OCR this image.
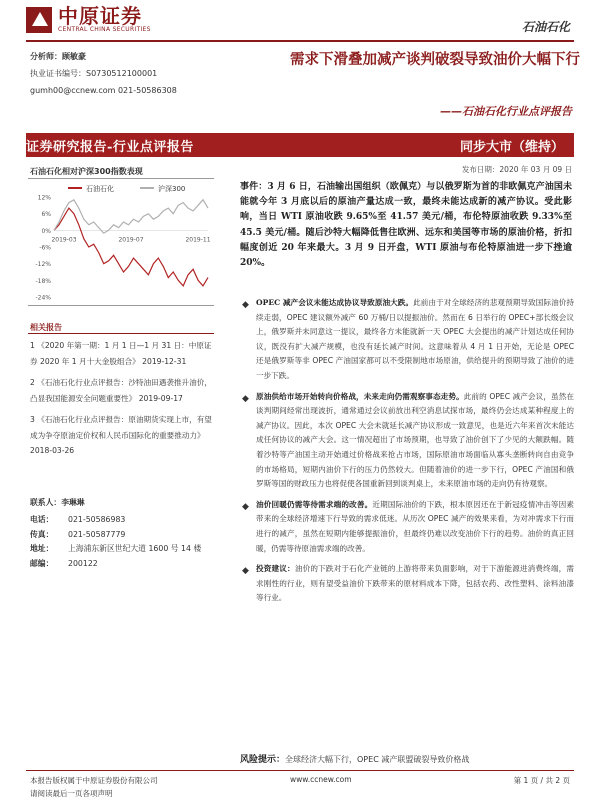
中原证券
CENTRAL CHINA SECURITIES	石油石化
分析师：顾敏豪
执业证书编号：S0730512100001
gumh00@ccnew.com 021-50586308
需求下滑叠加减产谈判破裂导致油价大幅下行
——石油石化行业点评报告
证券研究报告-行业点评报告	同步大市（维持）
发布日期：2020 年 03 月 09 日
石油石化相对沪深300指数表现
石油石化	沪深300
12%
6%
0%
-6%
-12%
-18%
-24%
2019-03	2019-07	2019-11
相关报告
1 《2020 年第一期：1 月 1 日—1 月 31 日：中原证券 2020 年 1 月十大金股组合》 2019-12-31
2 《石油石化行业点评报告：沙特油田遇袭推升油价，凸显我国能源安全问题重要性》 2019-09-17
3 《石油石化行业点评报告：原油期货实现上市，有望成为争夺原油定价权和人民币国际化的重要推动力》 2018-03-26
联系人：李琳琳
电话：	021-50586983
传真：	021-50587779
地址：	上海浦东新区世纪大道 1600 号 14 楼
邮编：	200122
事件：3 月 6 日，石油输出国组织（欧佩克）与以俄罗斯为首的非欧佩克产油国未能就今年 3 月底以后的原油产量达成一致，最终未能达成新的减产协议。受此影响，当日 WTI 原油收跌 9.65%至 41.57 美元/桶，布伦特原油收跌 9.33%至 45.5 美元/桶。随后沙特大幅降低售往欧洲、远东和美国等市场的原油价格，折扣幅度创近 20 年来最大。3 月 9 日开盘，WTI 原油与布伦特原油进一步下挫逾 20%。
◆ OPEC 减产会议未能达成协议导致原油大跌。此前由于对全球经济的悲观预期导致国际油价持续走弱，OPEC 建议额外减产 60 万桶/日以提振油价。然而在 6 日举行的 OPEC+部长级会议上，俄罗斯并未同意这一提议，最终各方未能就新一天 OPEC 大会提出的减产计划达成任何协议，既没有扩大减产规模，也没有延长减产时间。这意味着从 4 月 1 日开始，无论是 OPEC 还是俄罗斯等非 OPEC 产油国家都可以不受限制地市场原油，供给提升的预期导致了油价的进一步下跌。
◆ 原油供给市场开始转向价格战，未来走向仍需观察事态走势。此前的 OPEC 减产会议，虽然在谈判期间经常出现波折，通常通过会议前放出利空消息试探市场，最终仍会达成某种程度上的减产协议。因此，本次 OPEC 大会未就延长减产协议形成一致意见，也是近六年来首次未能达成任何协议的减产大会。这一情况超出了市场预期，也导致了油价创下了少见的大额跌幅。随着沙特等产油国主动开始通过价格战来抢占市场，国际原油市场面临从寡头垄断转向自由竞争的市场格局，短期内油价下行的压力仍然较大。但随着油价的进一步下行，OPEC 产油国和俄罗斯等国的财政压力也将促使各国重新回到谈判桌上，未来原油市场的走向仍有待观察。
◆ 油价回暖仍需等待需求端的改善。近期国际油价的下跌，根本原因还在于新冠疫情冲击等因素带来的全球经济增速下行导致的需求低迷。从历次 OPEC 减产的效果来看，为对冲需求下行而进行的减产，虽然在短期内能够提振油价，但最终仍难以改变油价下行的趋势。油价的真正回暖，仍需等待原油需求端的改善。
◆ 投资建议：油价的下跌对于石化产业链的上游将带来负面影响，对于下游能源进消费终端，需求刚性的行业，则有望受益油价下跌带来的原材料成本下降，包括农药、改性塑料、涂料油漆等行业。
风险提示：全球经济大幅下行，OPEC 减产联盟破裂导致价格战
本报告版权属于中原证券股份有限公司
请阅读最后一页各项声明
www.ccnew.com	第 1 页 / 共 2 页
